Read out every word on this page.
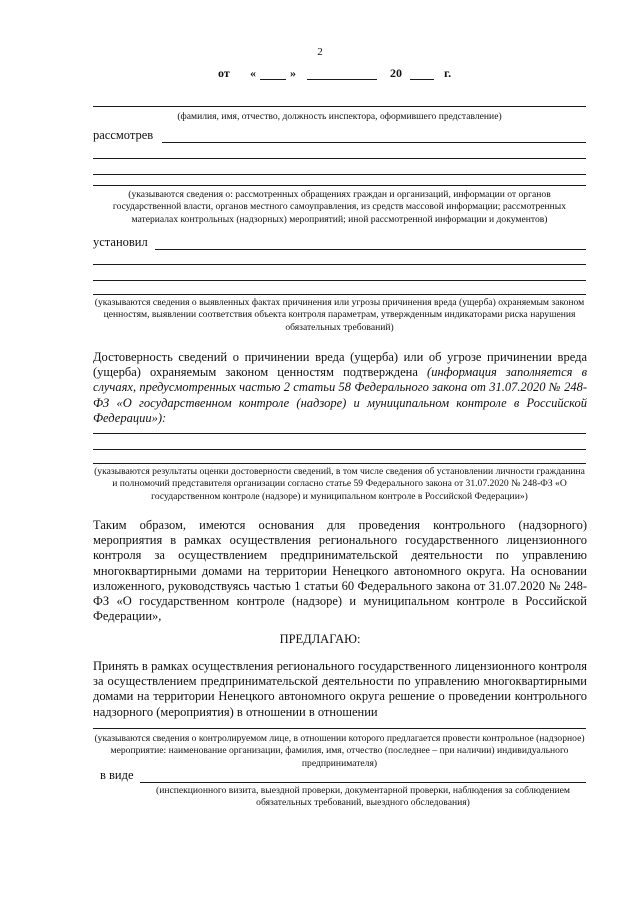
2
от «	»	20	г.
(фамилия, имя, отчество, должность инспектора, оформившего представление)
рассмотрев
(указываются сведения о: рассмотренных обращениях граждан и организаций, информации от органов государственной власти, органов местного самоуправления, из средств массовой информации; рассмотренных материалах контрольных (надзорных) мероприятий; иной рассмотренной информации и документов)
установил
(указываются сведения о выявленных фактах причинения или угрозы причинения вреда (ущерба) охраняемым законом ценностям, выявлении соответствия объекта контроля параметрам, утвержденным индикаторами риска нарушения обязательных требований)
Достоверность сведений о причинении вреда (ущерба) или об угрозе причинении вреда (ущерба) охраняемым законом ценностям подтверждена (информация заполняется в случаях, предусмотренных частью 2 статьи 58 Федерального закона от 31.07.2020 № 248-ФЗ «О государственном контроле (надзоре) и муниципальном контроле в Российской Федерации»):
(указываются результаты оценки достоверности сведений, в том числе сведения об установлении личности гражданина и полномочий представителя организации согласно статье 59 Федерального закона от 31.07.2020 № 248-ФЗ «О государственном контроле (надзоре) и муниципальном контроле в Российской Федерации»)
Таким образом, имеются основания для проведения контрольного (надзорного) мероприятия в рамках осуществления регионального государственного лицензионного контроля за осуществлением предпринимательской деятельности по управлению многоквартирными домами на территории Ненецкого автономного округа. На основании изложенного, руководствуясь частью 1 статьи 60 Федерального закона от 31.07.2020 № 248-ФЗ «О государственном контроле (надзоре) и муниципальном контроле в Российской Федерации»,
ПРЕДЛАГАЮ:
Принять в рамках осуществления регионального государственного лицензионного контроля за осуществлением предпринимательской деятельности по управлению многоквартирными домами на территории Ненецкого автономного округа решение о проведении контрольного надзорного (мероприятия) в отношении в отношении
(указываются сведения о контролируемом лице, в отношении которого предлагается провести контрольное (надзорное) мероприятие: наименование организации, фамилия, имя, отчество (последнее – при наличии) индивидуального предпринимателя)
в виде
(инспекционного визита, выездной проверки, документарной проверки, наблюдения за соблюдением обязательных требований, выездного обследования)
